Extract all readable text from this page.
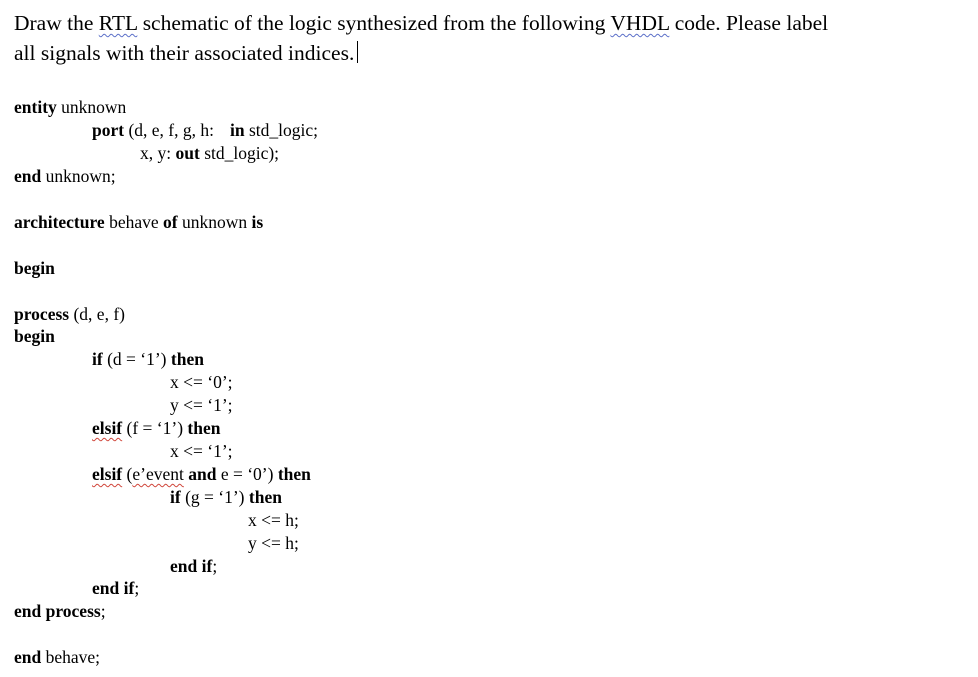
Draw the RTL schematic of the logic synthesized from the following VHDL code. Please label
all signals with their associated indices.
entity unknown
port (d, e, f, g, h: in std_logic;
x, y: out std_logic);
end unknown;
architecture behave of unknown is
begin
process (d, e, f)
begin
if (d = ‘1’) then
x <= ‘0’;
y <= ‘1’;
elsif (f = ‘1’) then
x <= ‘1’;
elsif (e’event and e = ‘0’) then
if (g = ‘1’) then
x <= h;
y <= h;
end if;
end if;
end process;
end behave;
